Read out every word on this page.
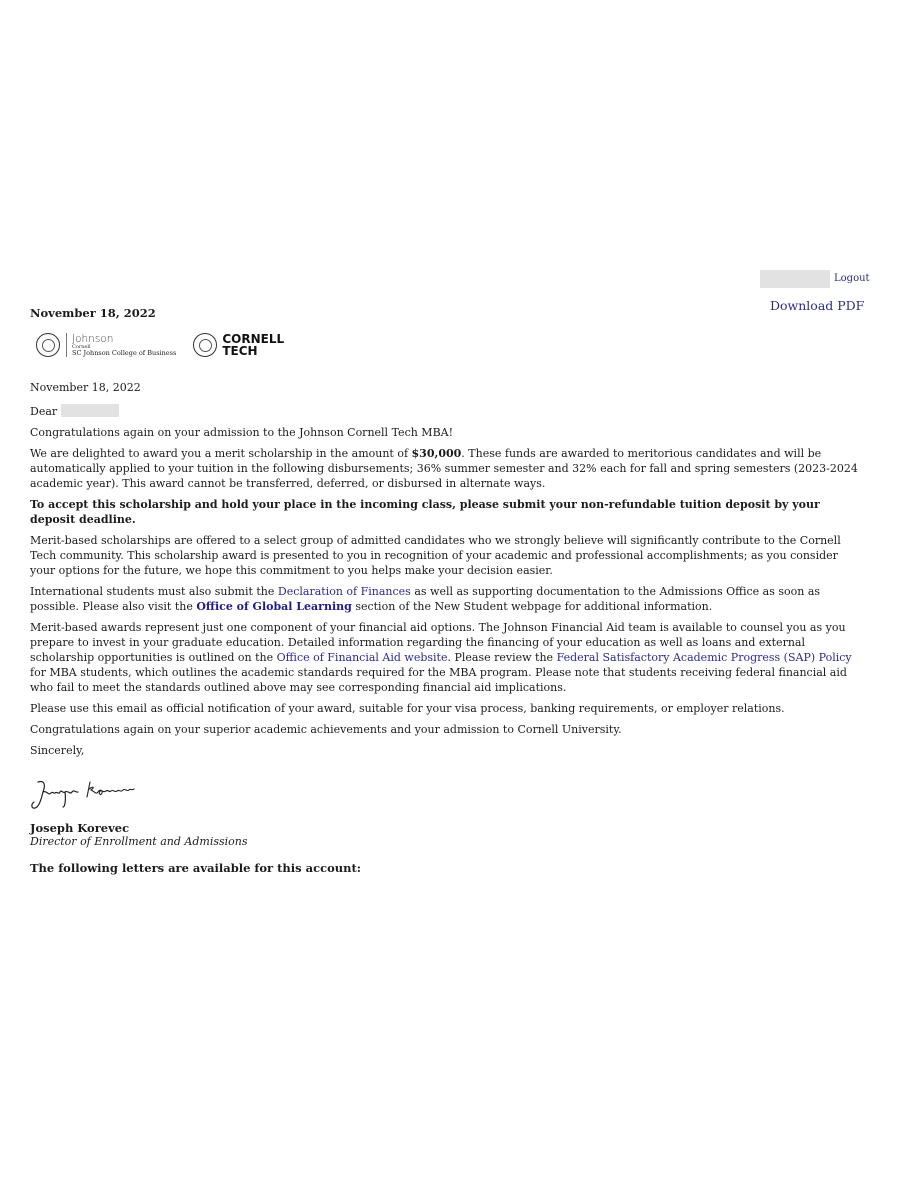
Logout
Download PDF
November 18, 2022
Johnson
Cornell
SC Johnson College of Business
CORNELL
TECH

November 18, 2022

Dear

Congratulations again on your admission to the Johnson Cornell Tech MBA!

We are delighted to award you a merit scholarship in the amount of $30,000. These funds are awarded to meritorious candidates and will be automatically applied to your tuition in the following disbursements; 36% summer semester and 32% each for fall and spring semesters (2023-2024 academic year). This award cannot be transferred, deferred, or disbursed in alternate ways.

To accept this scholarship and hold your place in the incoming class, please submit your non-refundable tuition deposit by your deposit deadline.

Merit-based scholarships are offered to a select group of admitted candidates who we strongly believe will significantly contribute to the Cornell Tech community. This scholarship award is presented to you in recognition of your academic and professional accomplishments; as you consider your options for the future, we hope this commitment to you helps make your decision easier.

International students must also submit the Declaration of Finances as well as supporting documentation to the Admissions Office as soon as possible. Please also visit the Office of Global Learning section of the New Student webpage for additional information.

Merit-based awards represent just one component of your financial aid options. The Johnson Financial Aid team is available to counsel you as you prepare to invest in your graduate education. Detailed information regarding the financing of your education as well as loans and external scholarship opportunities is outlined on the Office of Financial Aid website. Please review the Federal Satisfactory Academic Progress (SAP) Policy for MBA students, which outlines the academic standards required for the MBA program. Please note that students receiving federal financial aid who fail to meet the standards outlined above may see corresponding financial aid implications.

Please use this email as official notification of your award, suitable for your visa process, banking requirements, or employer relations.

Congratulations again on your superior academic achievements and your admission to Cornell University.

Sincerely,

Joseph Korevec
Director of Enrollment and Admissions
The following letters are available for this account:
